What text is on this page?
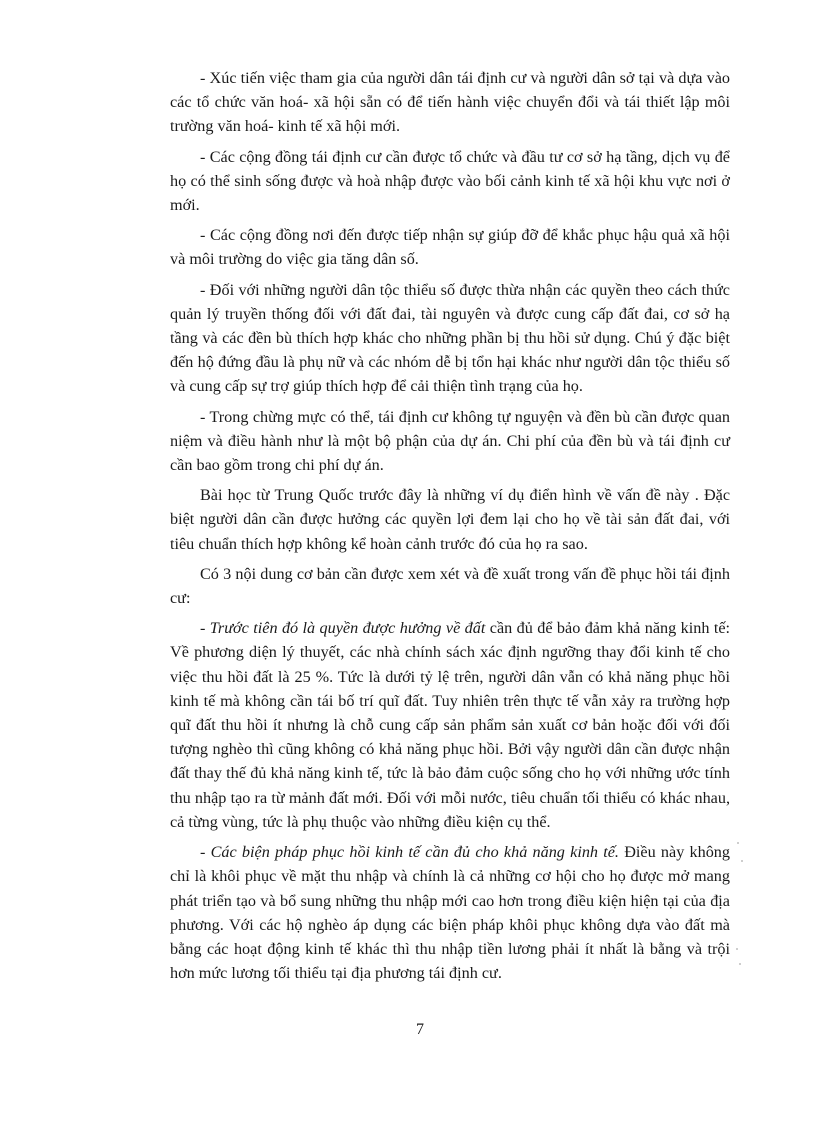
- Xúc tiến việc tham gia của người dân tái định cư và người dân sở tại và dựa vào các tổ chức văn hoá- xã hội sẵn có để tiến hành việc chuyển đổi và tái thiết lập môi trường văn hoá- kinh tế xã hội mới.

- Các cộng đồng tái định cư cần được tổ chức và đầu tư cơ sở hạ tầng, dịch vụ để họ có thể sinh sống được và hoà nhập được vào bối cảnh kinh tế xã hội khu vực nơi ở mới.

- Các cộng đồng nơi đến được tiếp nhận sự giúp đỡ để khắc phục hậu quả xã hội và môi trường do việc gia tăng dân số.

- Đối với những người dân tộc thiểu số được thừa nhận các quyền theo cách thức quản lý truyền thống đối với đất đai, tài nguyên và được cung cấp đất đai, cơ sở hạ tầng và các đền bù thích hợp khác cho những phần bị thu hồi sử dụng. Chú ý đặc biệt đến hộ đứng đầu là phụ nữ và các nhóm dễ bị tổn hại khác như người dân tộc thiểu số và cung cấp sự trợ giúp thích hợp để cải thiện tình trạng của họ.

- Trong chừng mực có thể, tái định cư không tự nguyện và đền bù cần được quan niệm và điều hành như là một bộ phận của dự án. Chi phí của đền bù và tái định cư cần bao gồm trong chi phí dự án.

Bài học từ Trung Quốc trước đây là những ví dụ điển hình về vấn đề này . Đặc biệt người dân cần được hưởng các quyền lợi đem lại cho họ về tài sản đất đai, với tiêu chuẩn thích hợp không kể hoàn cảnh trước đó của họ ra sao.

Có 3 nội dung cơ bản cần được xem xét và đề xuất trong vấn đề phục hồi tái định cư:

- Trước tiên đó là quyền được hưởng về đất cần đủ để bảo đảm khả năng kinh tế: Về phương diện lý thuyết, các nhà chính sách xác định ngưỡng thay đổi kinh tế cho việc thu hồi đất là 25 %. Tức là dưới tỷ lệ trên, người dân vẫn có khả năng phục hồi kinh tế mà không cần tái bố trí quĩ đất. Tuy nhiên trên thực tế vẫn xảy ra trường hợp quĩ đất thu hồi ít nhưng là chỗ cung cấp sản phẩm sản xuất cơ bản hoặc đối với đối tượng nghèo thì cũng không có khả năng phục hồi. Bởi vậy người dân cần được nhận đất thay thế đủ khả năng kinh tế, tức là bảo đảm cuộc sống cho họ với những ước tính thu nhập tạo ra từ mảnh đất mới. Đối với mỗi nước, tiêu chuẩn tối thiểu có khác nhau, cả từng vùng, tức là phụ thuộc vào những điều kiện cụ thể.

- Các biện pháp phục hồi kinh tế cần đủ cho khả năng kinh tế. Điều này không chỉ là khôi phục về mặt thu nhập và chính là cả những cơ hội cho họ được mở mang phát triển tạo và bổ sung những thu nhập mới cao hơn trong điều kiện hiện tại của địa phương. Với các hộ nghèo áp dụng các biện pháp khôi phục không dựa vào đất mà bằng các hoạt động kinh tế khác thì thu nhập tiền lương phải ít nhất là bằng và trội hơn mức lương tối thiểu tại địa phương tái định cư.

7
